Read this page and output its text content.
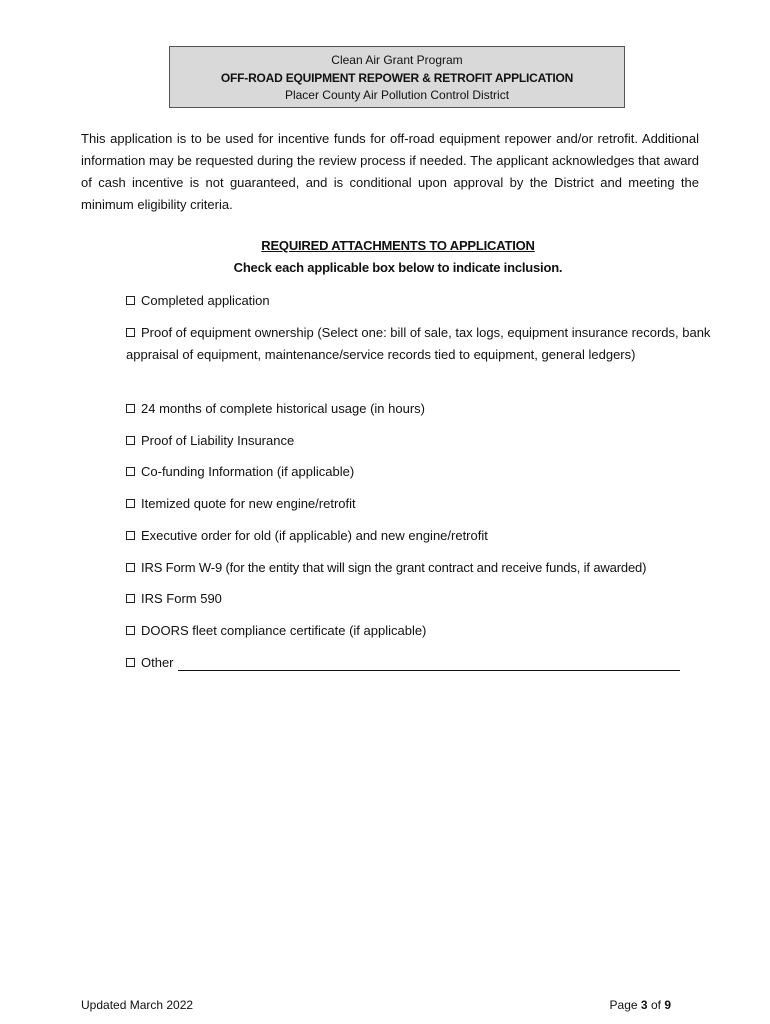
Clean Air Grant Program
OFF-ROAD EQUIPMENT REPOWER & RETROFIT APPLICATION
Placer County Air Pollution Control District

This application is to be used for incentive funds for off-road equipment repower and/or retrofit. Additional information may be requested during the review process if needed. The applicant acknowledges that award of cash incentive is not guaranteed, and is conditional upon approval by the District and meeting the minimum eligibility criteria.

REQUIRED ATTACHMENTS TO APPLICATION
Check each applicable box below to indicate inclusion.

Completed application

Proof of equipment ownership (Select one: bill of sale, tax logs, equipment insurance records, bank appraisal of equipment, maintenance/service records tied to equipment, general ledgers)

24 months of complete historical usage (in hours)

Proof of Liability Insurance

Co-funding Information (if applicable)

Itemized quote for new engine/retrofit

Executive order for old (if applicable) and new engine/retrofit

IRS Form W-9 (for the entity that will sign the grant contract and receive funds, if awarded)

IRS Form 590

DOORS fleet compliance certificate (if applicable)

Other

Updated March 2022	Page 3 of 9
